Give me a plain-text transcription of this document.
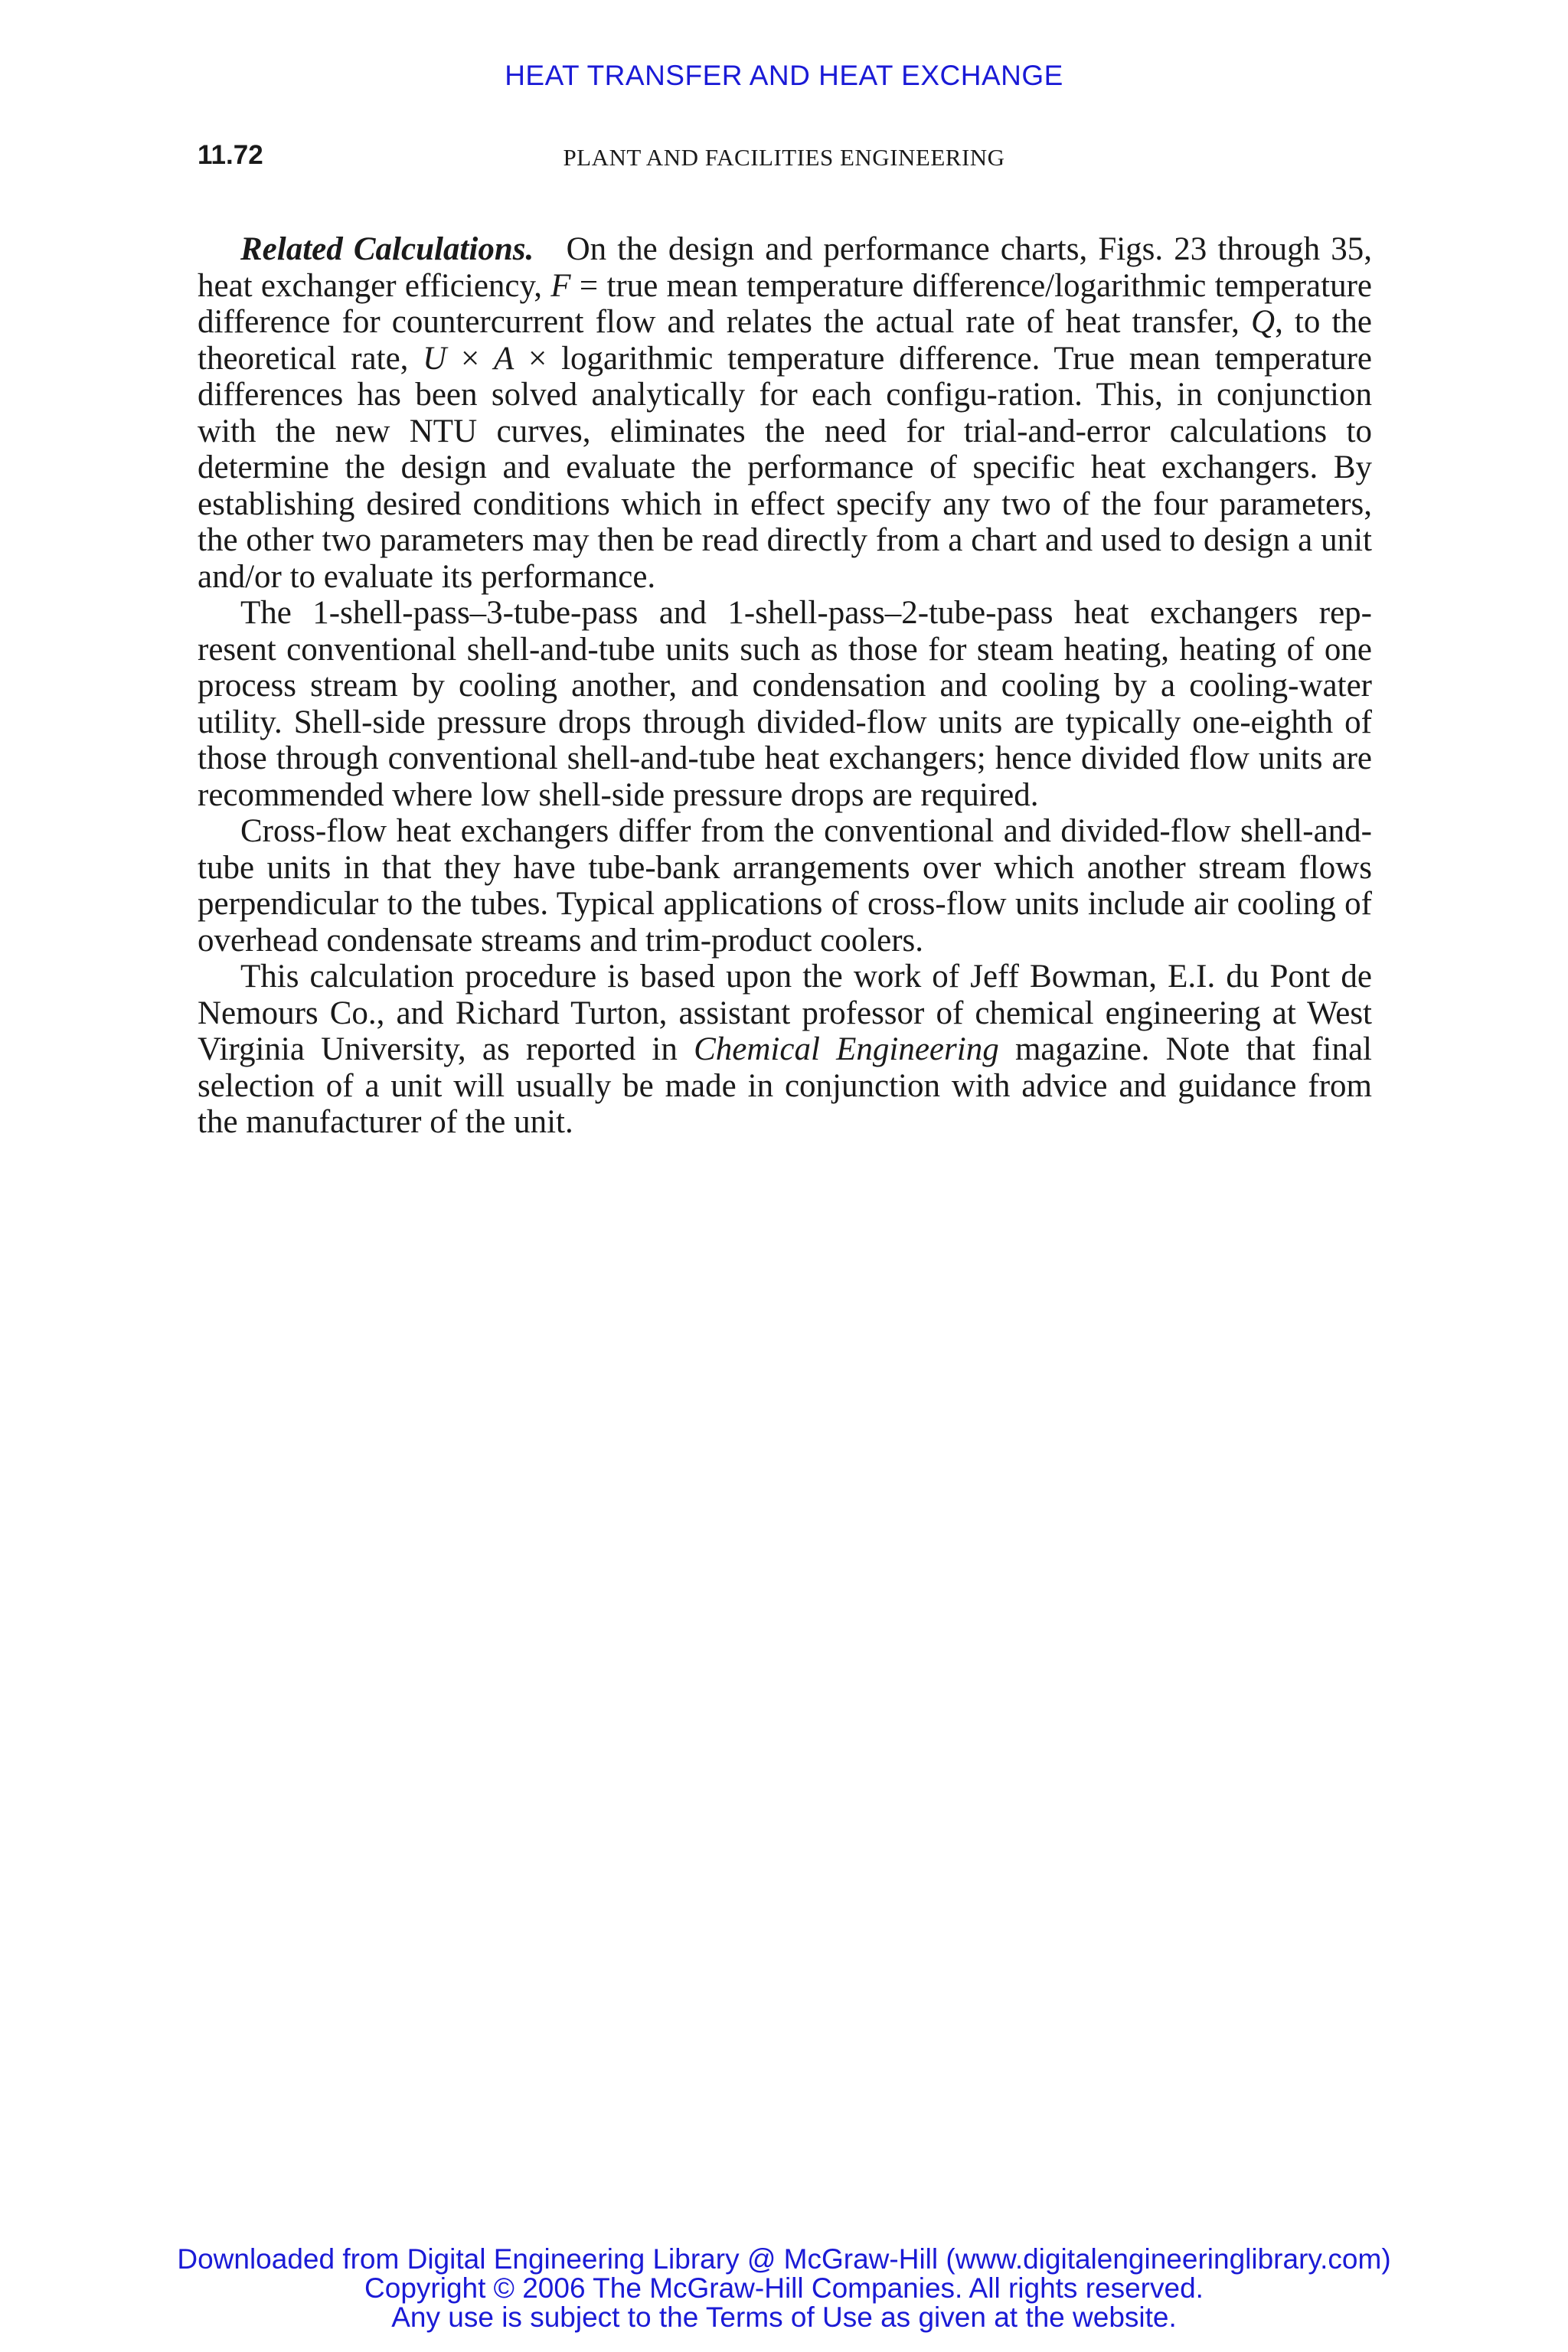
HEAT TRANSFER AND HEAT EXCHANGE
11.72	PLANT AND FACILITIES ENGINEERING

Related Calculations. On the design and performance charts, Figs. 23 through 35, heat exchanger efficiency, F = true mean temperature difference/logarithmic temperature difference for countercurrent flow and relates the actual rate of heat transfer, Q, to the theoretical rate, U × A × logarithmic temperature difference. True mean temperature differences has been solved analytically for each configu-ration. This, in conjunction with the new NTU curves, eliminates the need for trial-and-error calculations to determine the design and evaluate the performance of specific heat exchangers. By establishing desired conditions which in effect specify any two of the four parameters, the other two parameters may then be read directly from a chart and used to design a unit and/or to evaluate its performance.

The 1-shell-pass–3-tube-pass and 1-shell-pass–2-tube-pass heat exchangers rep-resent conventional shell-and-tube units such as those for steam heating, heating of one process stream by cooling another, and condensation and cooling by a cooling-water utility. Shell-side pressure drops through divided-flow units are typically one-eighth of those through conventional shell-and-tube heat exchangers; hence divided flow units are recommended where low shell-side pressure drops are required.

Cross-flow heat exchangers differ from the conventional and divided-flow shell-and-tube units in that they have tube-bank arrangements over which another stream flows perpendicular to the tubes. Typical applications of cross-flow units include air cooling of overhead condensate streams and trim-product coolers.

This calculation procedure is based upon the work of Jeff Bowman, E.I. du Pont de Nemours Co., and Richard Turton, assistant professor of chemical engineering at West Virginia University, as reported in Chemical Engineering magazine. Note that final selection of a unit will usually be made in conjunction with advice and guidance from the manufacturer of the unit.

Downloaded from Digital Engineering Library @ McGraw-Hill (www.digitalengineeringlibrary.com)
Copyright © 2006 The McGraw-Hill Companies. All rights reserved.
Any use is subject to the Terms of Use as given at the website.
